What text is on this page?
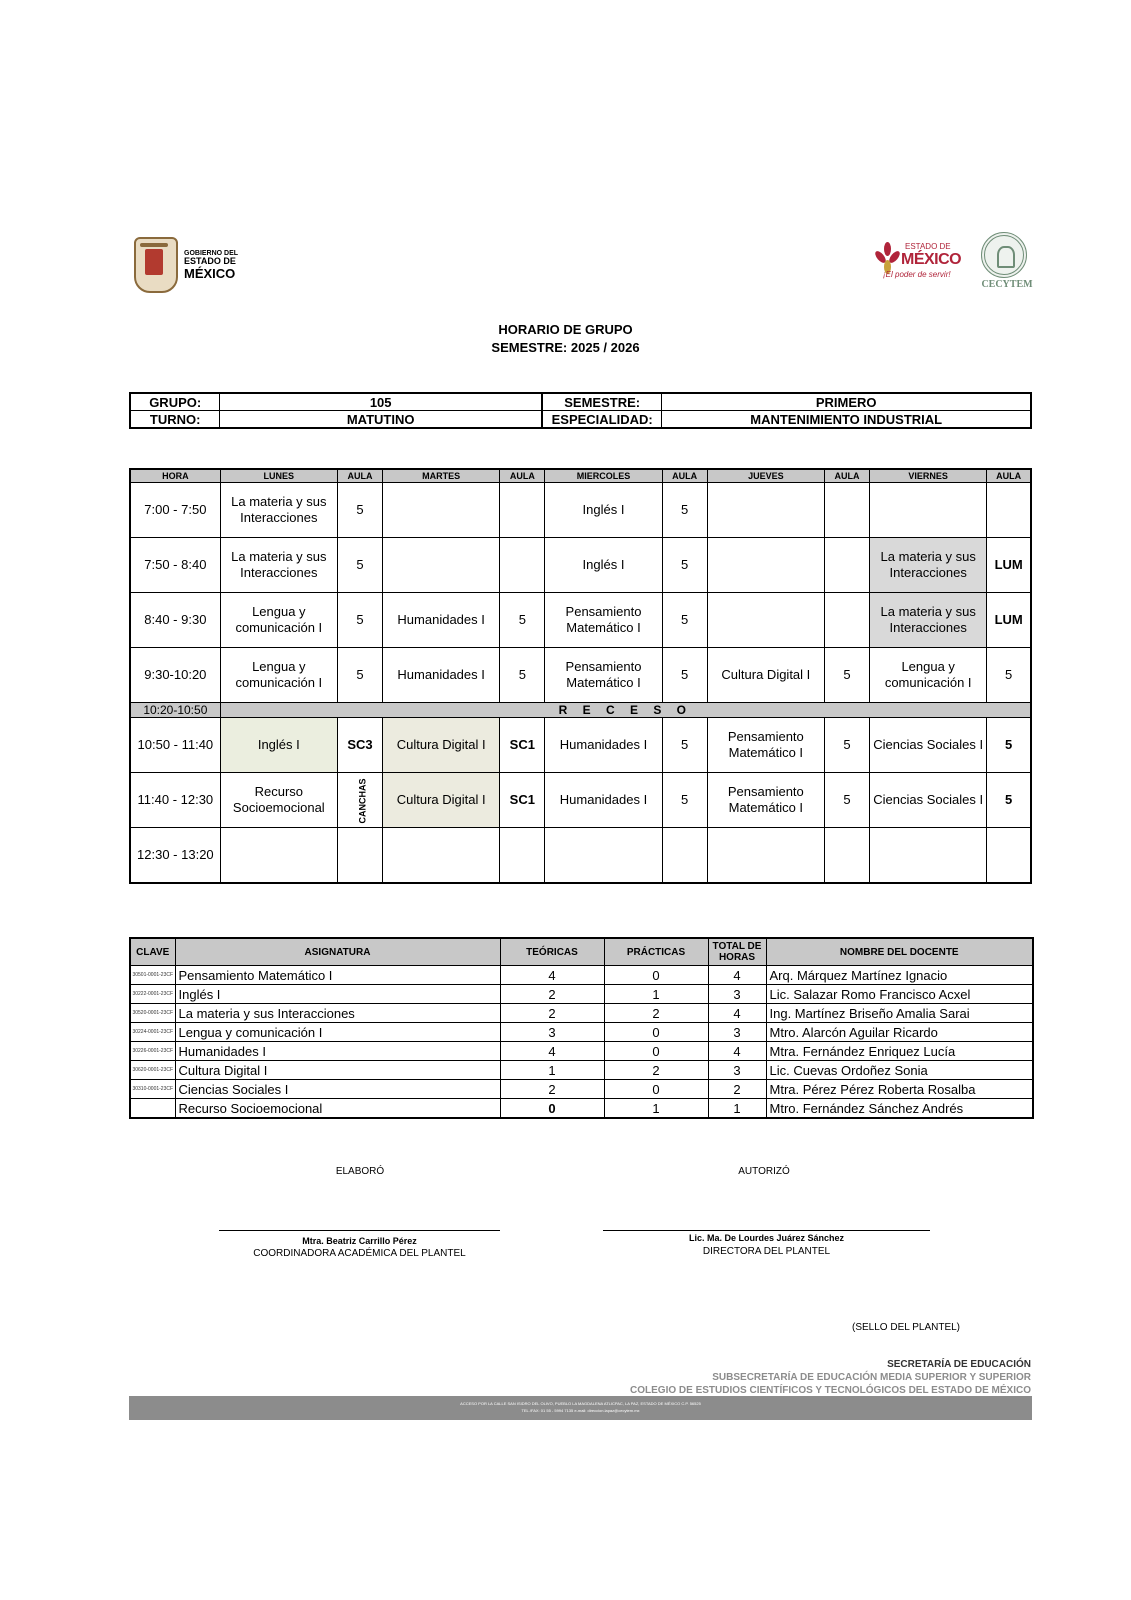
GOBIERNO DEL
ESTADO DE
MÉXICO
ESTADO DE
MÉXICO
¡El poder de servir!
CECYTEM
HORARIO DE GRUPO
SEMESTRE: 2025 / 2026
GRUPO:	105	SEMESTRE:	PRIMERO
TURNO:	MATUTINO	ESPECIALIDAD:	MANTENIMIENTO INDUSTRIAL
HORA	LUNES	AULA	MARTES	AULA	MIERCOLES	AULA	JUEVES	AULA	VIERNES	AULA
7:00 - 7:50	La materia y sus Interacciones	5			Inglés I	5				
7:50 - 8:40	La materia y sus Interacciones	5			Inglés I	5			La materia y sus Interacciones	LUM
8:40 - 9:30	Lengua y comunicación I	5	Humanidades I	5	Pensamiento Matemático I	5			La materia y sus Interacciones	LUM
9:30-10:20	Lengua y comunicación I	5	Humanidades I	5	Pensamiento Matemático I	5	Cultura Digital I	5	Lengua y comunicación I	5
10:20-10:50	R E C E S O									
10:50 - 11:40	Inglés I	SC3	Cultura Digital I	SC1	Humanidades I	5	Pensamiento Matemático I	5	Ciencias Sociales I	5
11:40 - 12:30	Recurso Socioemocional	CANCHAS	Cultura Digital I	SC1	Humanidades I	5	Pensamiento Matemático I	5	Ciencias Sociales I	5
12:30 - 13:20										
CLAVE	ASIGNATURA	TEÓRICAS	PRÁCTICAS	TOTAL DE
HORAS	NOMBRE DEL DOCENTE
30501-0001-23CF	Pensamiento Matemático I	4	0	4	Arq. Márquez Martínez Ignacio
30222-0001-23CF	Inglés I	2	1	3	Lic. Salazar Romo Francisco Acxel
30520-0001-23CF	La materia y sus Interacciones	2	2	4	Ing. Martínez Briseño Amalia Sarai
30224-0001-23CF	Lengua y comunicación I	3	0	3	Mtro. Alarcón Aguilar Ricardo
30226-0001-23CF	Humanidades I	4	0	4	Mtra. Fernández Enriquez Lucía
30620-0001-23CF	Cultura Digital I	1	2	3	Lic. Cuevas Ordoñez Sonia
30310-0001-23CF	Ciencias Sociales I	2	0	2	Mtra. Pérez Pérez Roberta Rosalba
	Recurso Socioemocional	0	1	1	Mtro. Fernández Sánchez Andrés
ELABORÓ	AUTORIZÓ
Mtra. Beatriz Carrillo Pérez
COORDINADORA ACADÉMICA DEL PLANTEL
Lic. Ma. De Lourdes Juárez Sánchez
DIRECTORA DEL PLANTEL
(SELLO DEL PLANTEL)
SECRETARÍA DE EDUCACIÓN
SUBSECRETARÍA DE EDUCACIÓN MEDIA SUPERIOR Y SUPERIOR
COLEGIO DE ESTUDIOS CIENTÍFICOS Y TECNOLÓGICOS DEL ESTADO DE MÉXICO
ACCESO POR LA CALLE SAN ISIDRO DEL OLIVO, PUEBLO LA MAGDALENA ATLICPAC, LA PAZ, ESTADO DE MÉXICO C.P. 56525
TEL./FAX: 01 55 - 5994 7135 e-mail: direccion.lapaz@cecytem.mx
